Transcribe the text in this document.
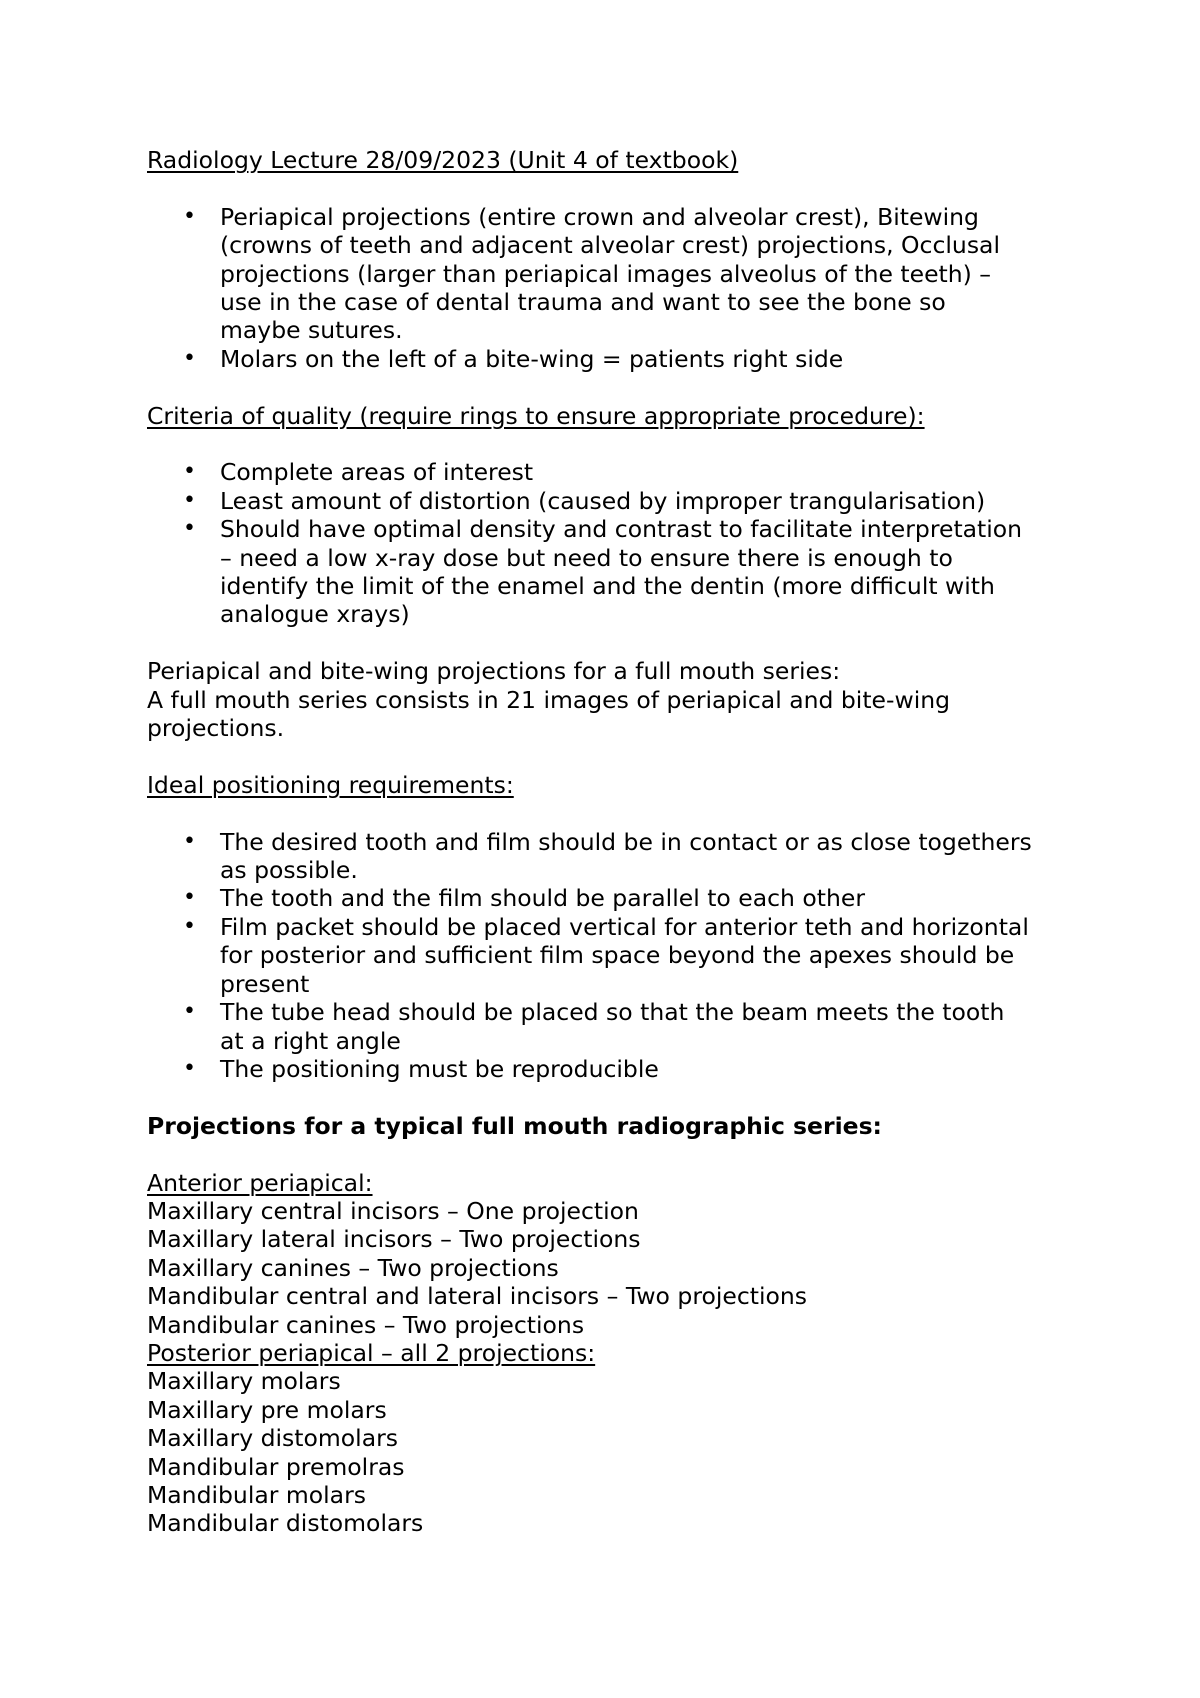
Radiology Lecture 28/09/2023 (Unit 4 of textbook)
• Periapical projections (entire crown and alveolar crest), Bitewing
(crowns of teeth and adjacent alveolar crest) projections, Occlusal
projections (larger than periapical images alveolus of the teeth) –
use in the case of dental trauma and want to see the bone so
maybe sutures.
• Molars on the left of a bite-wing = patients right side
Criteria of quality (require rings to ensure appropriate procedure):
• Complete areas of interest
• Least amount of distortion (caused by improper trangularisation)
• Should have optimal density and contrast to facilitate interpretation
– need a low x-ray dose but need to ensure there is enough to
identify the limit of the enamel and the dentin (more difficult with
analogue xrays)
Periapical and bite-wing projections for a full mouth series:
A full mouth series consists in 21 images of periapical and bite-wing
projections.
Ideal positioning requirements:
• The desired tooth and film should be in contact or as close togethers
as possible.
• The tooth and the film should be parallel to each other
• Film packet should be placed vertical for anterior teth and horizontal
for posterior and sufficient film space beyond the apexes should be
present
• The tube head should be placed so that the beam meets the tooth
at a right angle
• The positioning must be reproducible
Projections for a typical full mouth radiographic series:
Anterior periapical:
Maxillary central incisors – One projection
Maxillary lateral incisors – Two projections
Maxillary canines – Two projections
Mandibular central and lateral incisors – Two projections
Mandibular canines – Two projections
Posterior periapical – all 2 projections:
Maxillary molars
Maxillary pre molars
Maxillary distomolars
Mandibular premolras
Mandibular molars
Mandibular distomolars
